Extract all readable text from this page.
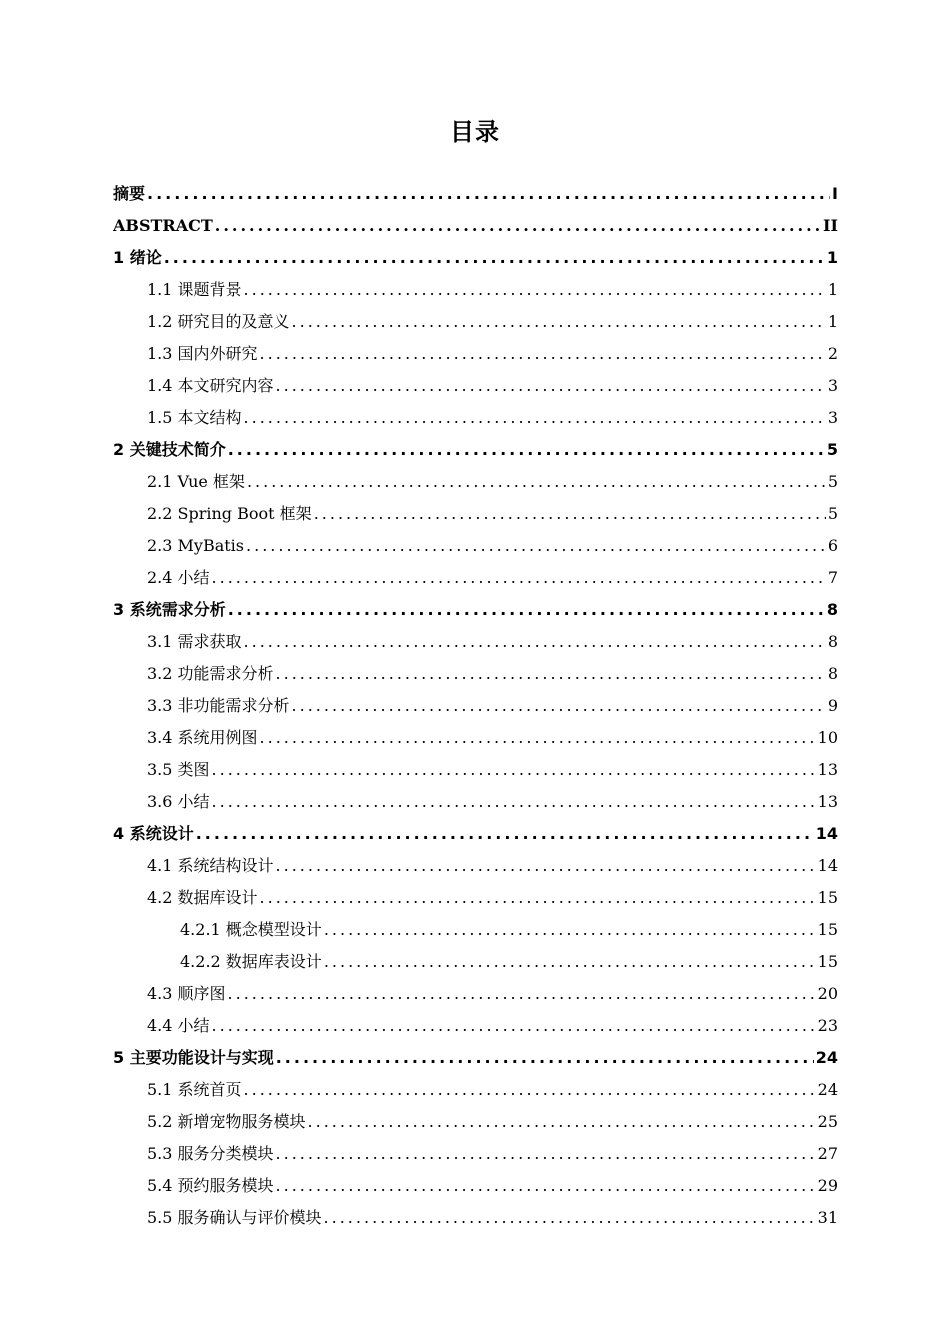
目录
摘要 .....	I
ABSTRACT .....	II
1 绪论 .....	1
1.1 课题背景 .....	1
1.2 研究目的及意义 .....	1
1.3 国内外研究 .....	2
1.4 本文研究内容 .....	3
1.5 本文结构 .....	3
2 关键技术简介 .....	5
2.1 Vue 框架 .....	5
2.2 Spring Boot 框架 .....	5
2.3 MyBatis .....	6
2.4 小结 .....	7
3 系统需求分析 .....	8
3.1 需求获取 .....	8
3.2 功能需求分析 .....	8
3.3 非功能需求分析 .....	9
3.4 系统用例图 .....	10
3.5 类图 .....	13
3.6 小结 .....	13
4 系统设计 .....	14
4.1 系统结构设计 .....	14
4.2 数据库设计 .....	15
4.2.1 概念模型设计 .....	15
4.2.2 数据库表设计 .....	15
4.3 顺序图 .....	20
4.4 小结 .....	23
5 主要功能设计与实现 .....	24
5.1 系统首页 .....	24
5.2 新增宠物服务模块 .....	25
5.3 服务分类模块 .....	27
5.4 预约服务模块 .....	29
5.5 服务确认与评价模块 .....	31
